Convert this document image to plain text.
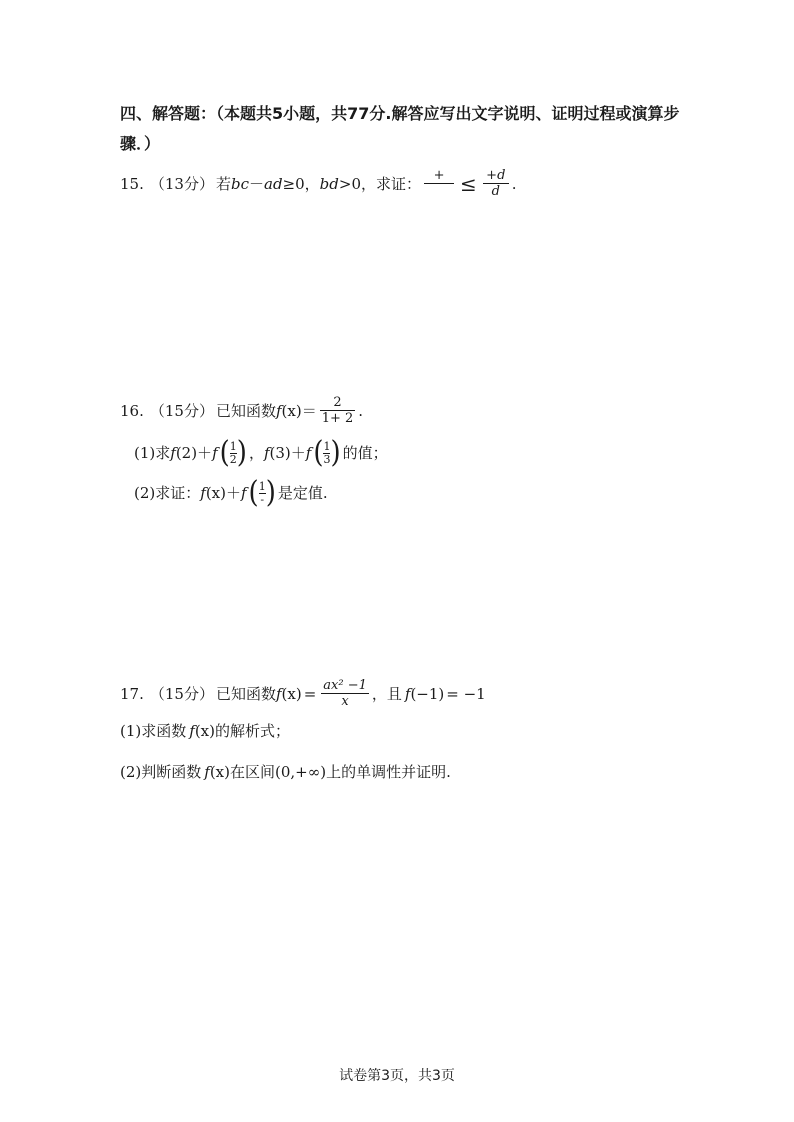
四、解答题：（本题共5小题，共77分.解答应写出文字说明、证明过程或演算步骤．）
15. （13分） 若 bc － ad ≥0， bd >0，求证： +
≤ $\frac{+d}{d}$ .
16. （15分） 已知函数 f $(x) = \frac{2}{1+ 2}$ .
(1)求 f (2)＋ f ( $\frac{1}{2}$ ) ， f (3)＋ f ( $\frac{1}{3}$ ) 的值；
(2)求证： f (x)＋ f ( $\frac{1}{-}$ ) 是定值.
17. （15分） 已知函数 f $(x) = \frac{\text{ax² −1}}{x}$ ，且 f (−1) = −1
(1)求函数 f (x) 的解析式；
(2)判断函数 f (x) 在区间 (0,+∞) 上的单调性并证明.
试卷第3页，共3页
